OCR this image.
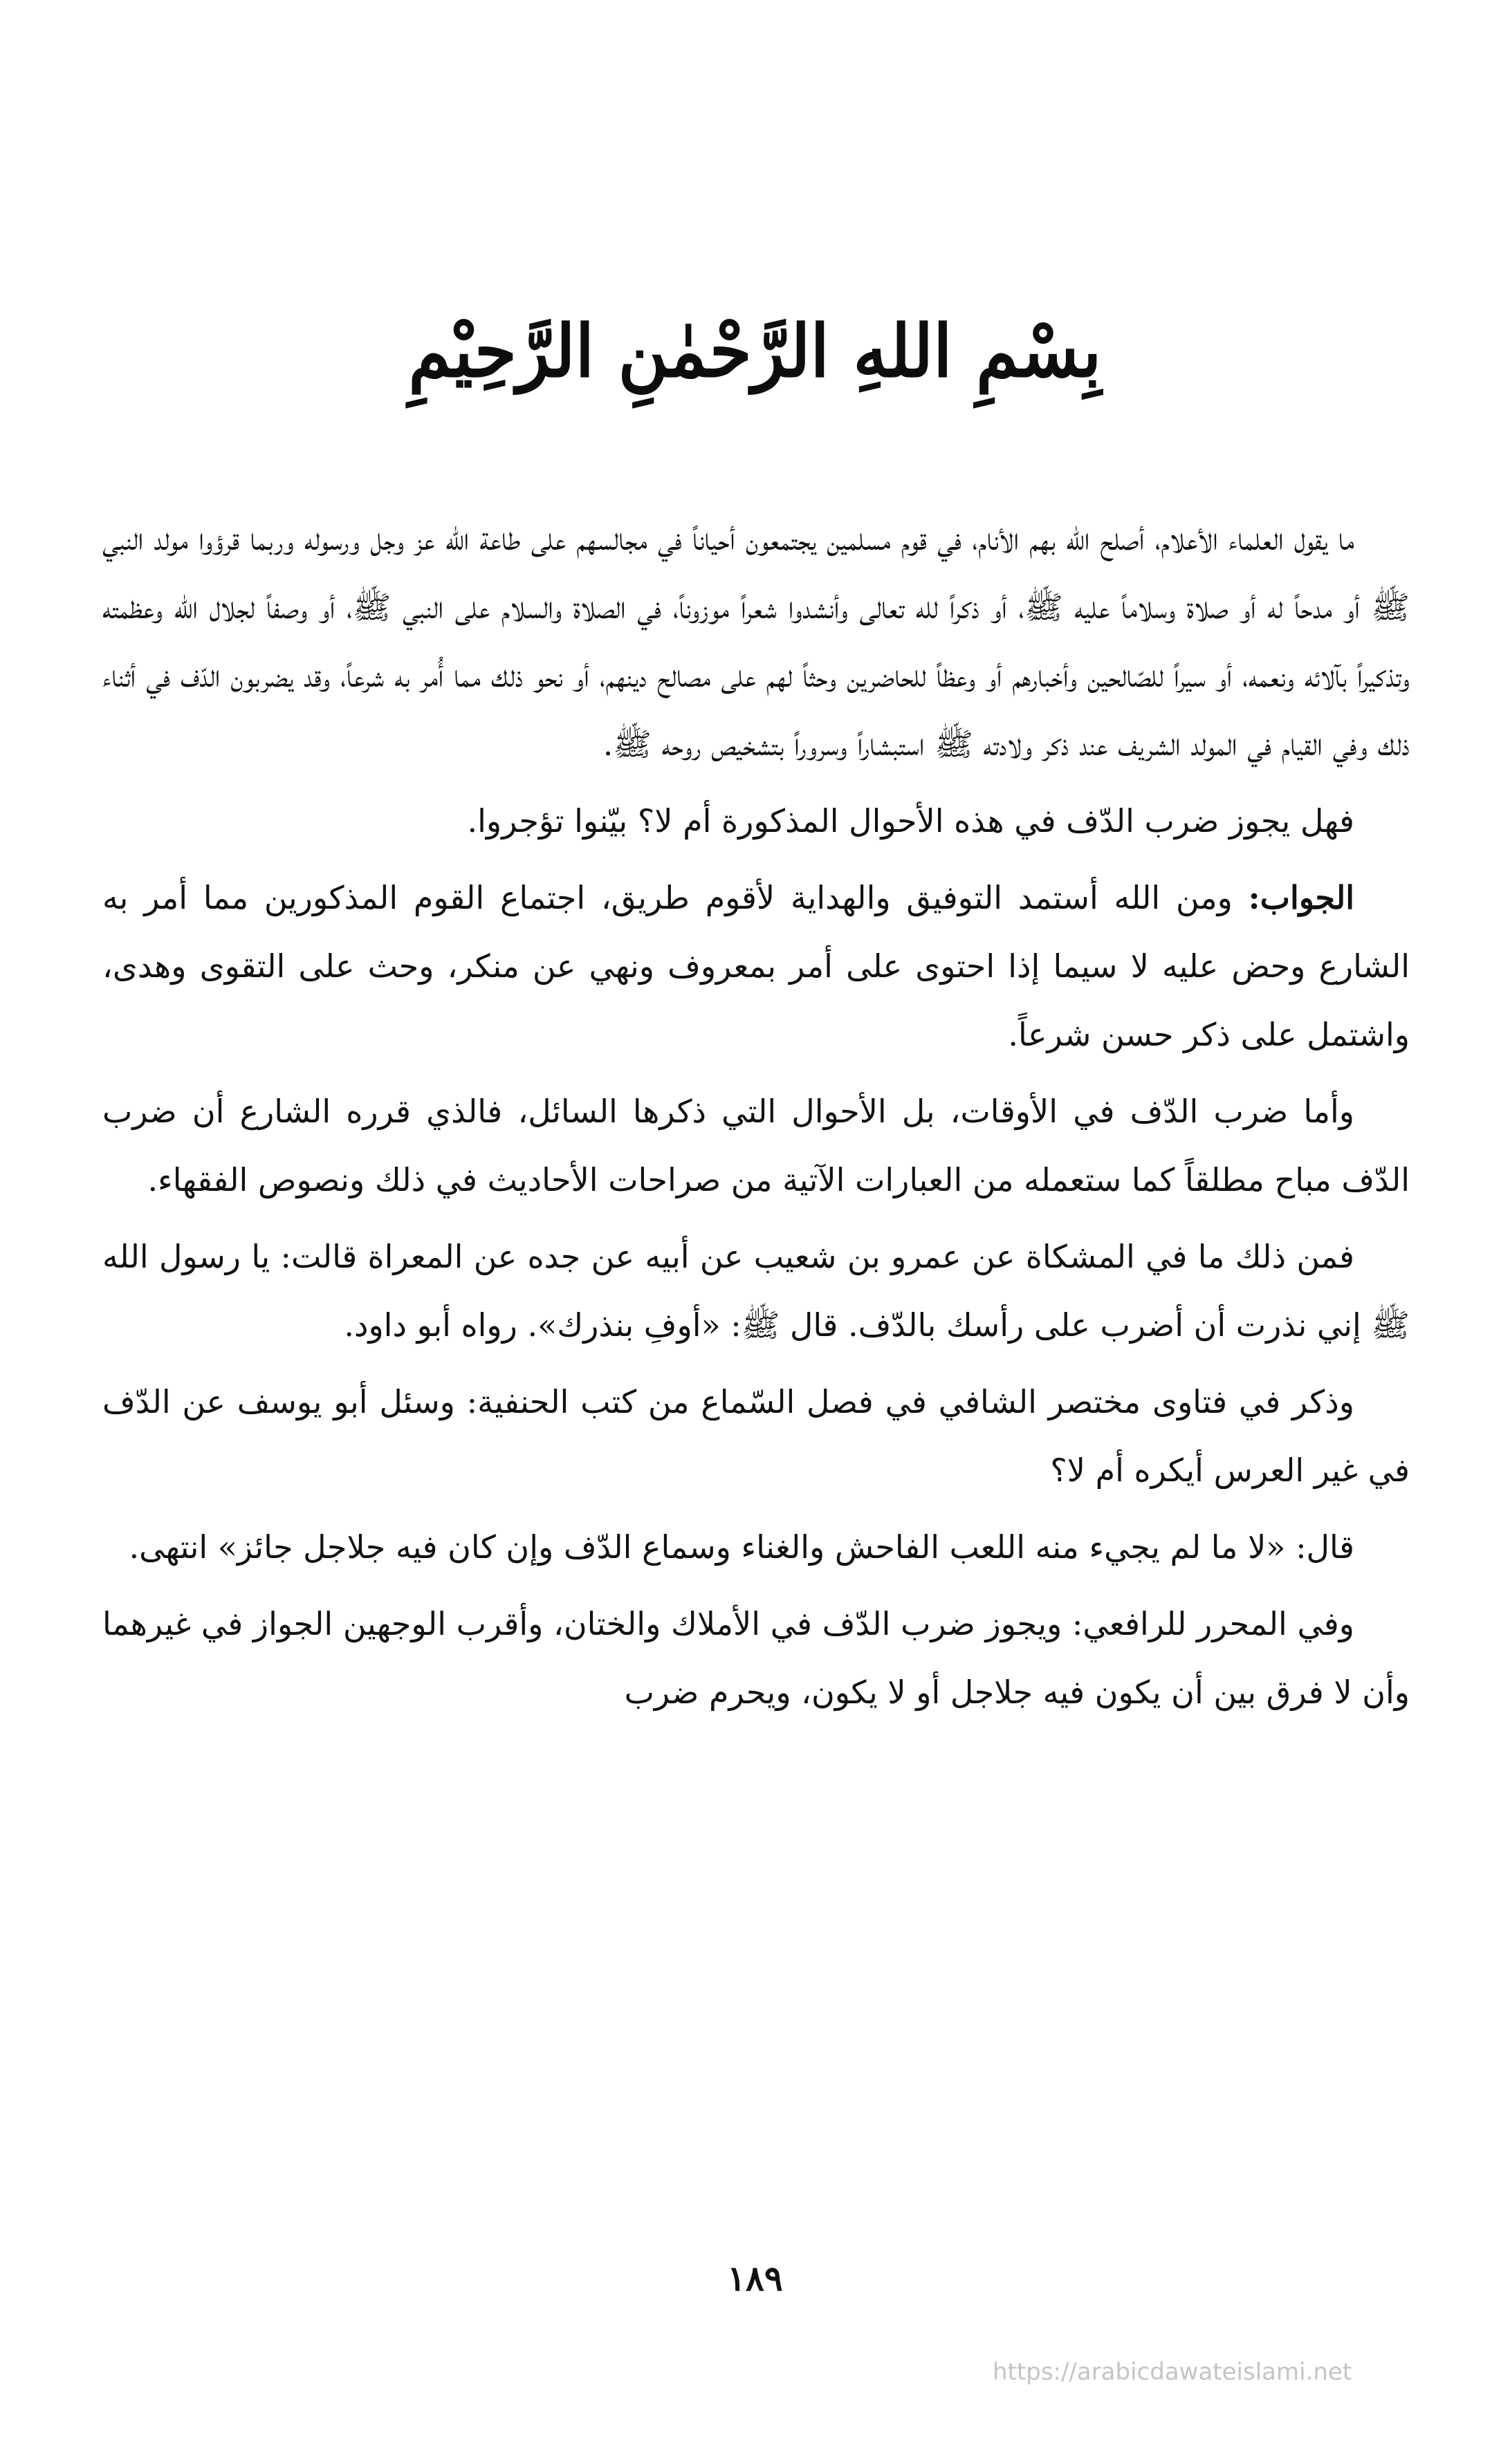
بِسْمِ اللهِ الرَّحْمٰنِ الرَّحِيْمِ

ما يقول العلماء الأعلام، أصلح الله بهم الأنام، في قوم مسلمين يجتمعون أحياناً في مجالسهم على طاعة الله عز وجل ورسوله وربما قرؤوا مولد النبي ﷺ أو مدحاً له أو صلاة وسلاماً عليه ﷺ، أو ذكراً لله تعالى وأنشدوا شعراً موزوناً، في الصلاة والسلام على النبي ﷺ، أو وصفاً لجلال الله وعظمته وتذكيراً بآلائه ونعمه، أو سيراً للصّالحين وأخبارهم أو وعظاً للحاضرين وحثاً لهم على مصالح دينهم، أو نحو ذلك مما أُمر به شرعاً، وقد يضربون الدّف في أثناء ذلك وفي القيام في المولد الشريف عند ذكر ولادته ﷺ استبشاراً وسروراً بتشخيص روحه ﷺ.

فهل يجوز ضرب الدّف في هذه الأحوال المذكورة أم لا؟ بيّنوا تؤجروا.

الجواب: ومن الله أستمد التوفيق والهداية لأقوم طريق، اجتماع القوم المذكورين مما أمر به الشارع وحض عليه لا سيما إذا احتوى على أمر بمعروف ونهي عن منكر، وحث على التقوى وهدى، واشتمل على ذكر حسن شرعاً.

وأما ضرب الدّف في الأوقات، بل الأحوال التي ذكرها السائل، فالذي قرره الشارع أن ضرب الدّف مباح مطلقاً كما ستعمله من العبارات الآتية من صراحات الأحاديث في ذلك ونصوص الفقهاء.

فمن ذلك ما في المشكاة عن عمرو بن شعيب عن أبيه عن جده عن المعراة قالت: يا رسول الله ﷺ إني نذرت أن أضرب على رأسك بالدّف. قال ﷺ: «أوفِ بنذرك». رواه أبو داود.

وذكر في فتاوى مختصر الشافي في فصل السّماع من كتب الحنفية: وسئل أبو يوسف عن الدّف في غير العرس أيكره أم لا؟

قال: «لا ما لم يجيء منه اللعب الفاحش والغناء وسماع الدّف وإن كان فيه جلاجل جائز» انتهى.

وفي المحرر للرافعي: ويجوز ضرب الدّف في الأملاك والختان، وأقرب الوجهين الجواز في غيرهما وأن لا فرق بين أن يكون فيه جلاجل أو لا يكون، ويحرم ضرب

١٨٩
https://arabicdawateislami.net
